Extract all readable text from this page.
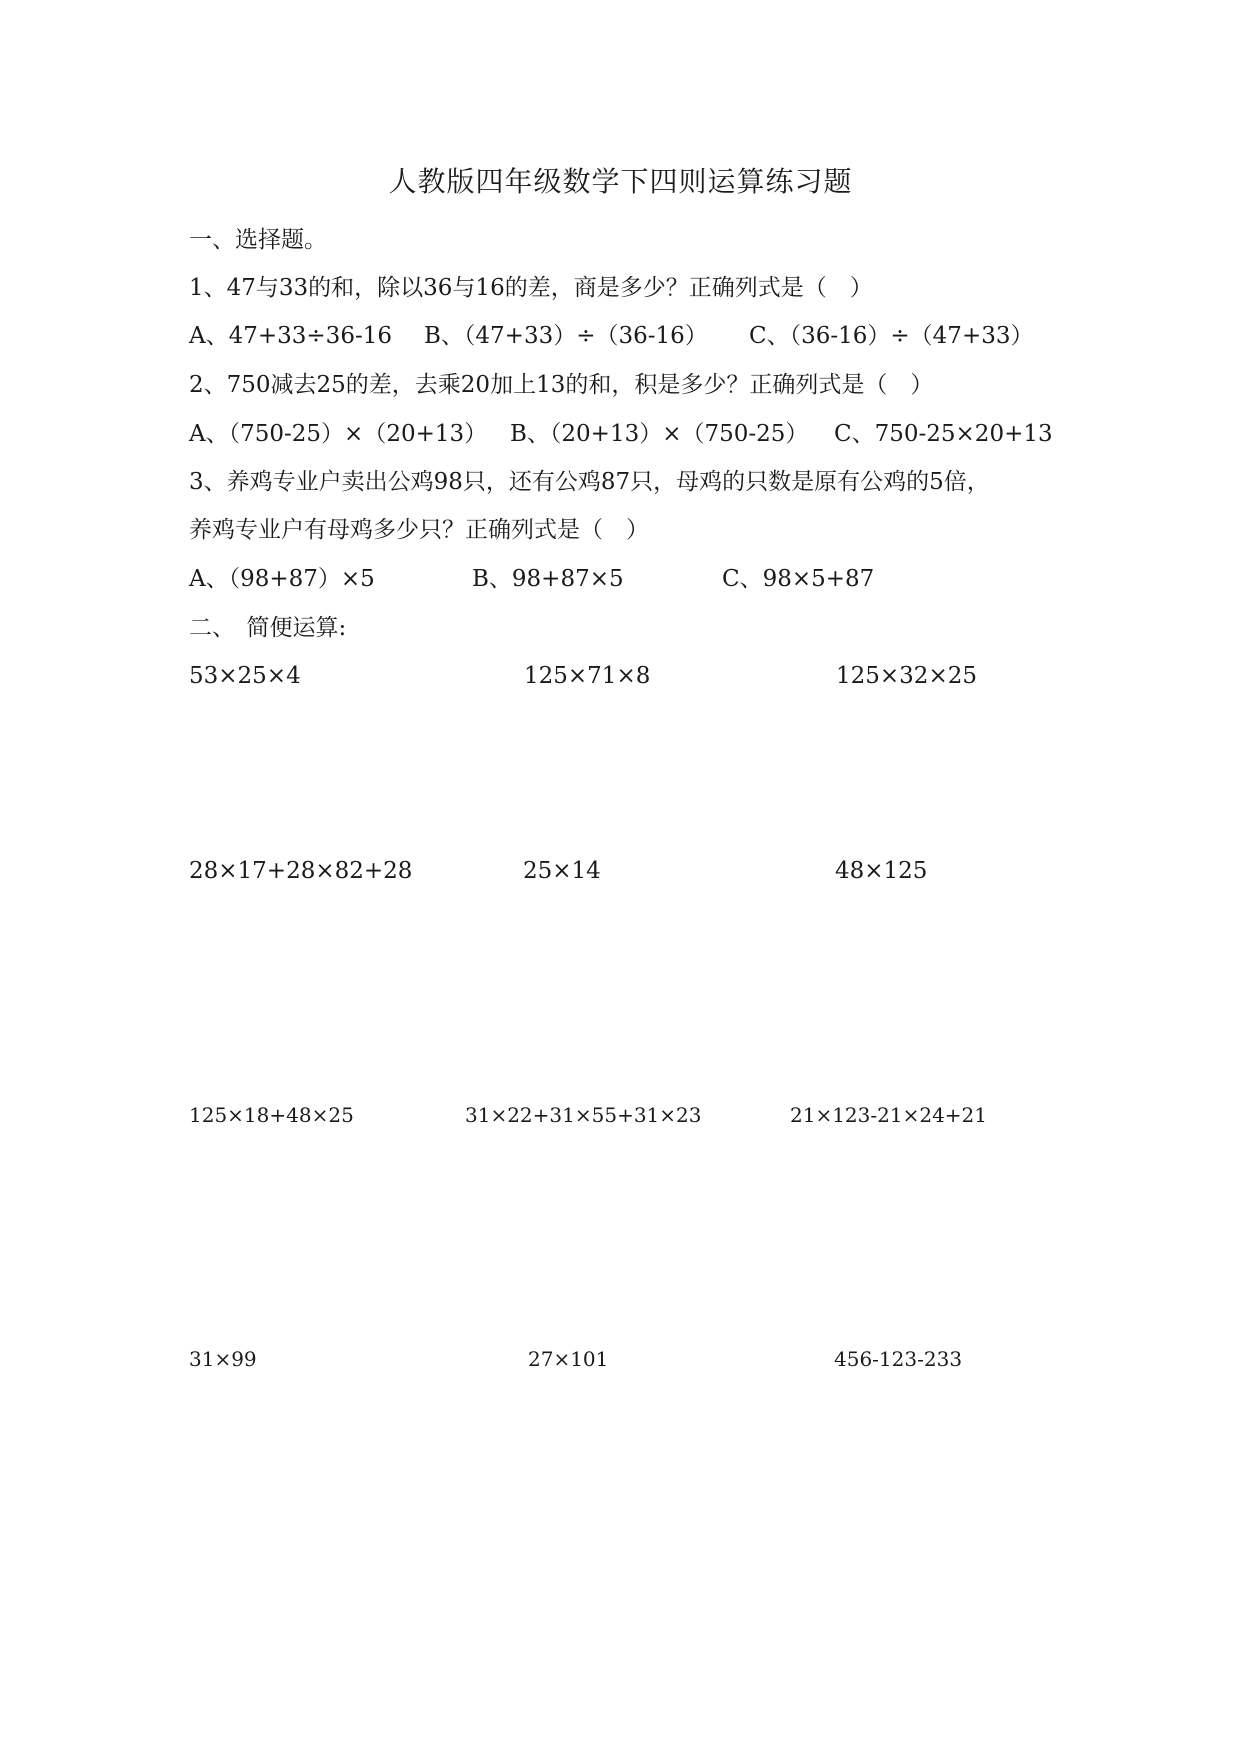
人教版四年级数学下四则运算练习题
一、选择题。
1、47与33的和，除以36与16的差，商是多少？正确列式是（　）
A、47+33÷36-16 B、（47+33）÷（36-16） C、（36-16）÷（47+33）
2、750减去25的差，去乘20加上13的和，积是多少？正确列式是（　）
A、（750-25）×（20+13） B、（20+13）×（750-25） C、750-25×20+13
3、养鸡专业户卖出公鸡98只，还有公鸡87只，母鸡的只数是原有公鸡的5倍，
养鸡专业户有母鸡多少只？正确列式是（　）
A、（98+87）×5	B、98+87×5	C、98×5+87
二、　简便运算:
53×25×4	125×71×8	125×32×25
28×17+28×82+28	25×14	48×125
125×18+48×25	31×22+31×55+31×23	21×123-21×24+21
31×99	27×101	456-123-233
